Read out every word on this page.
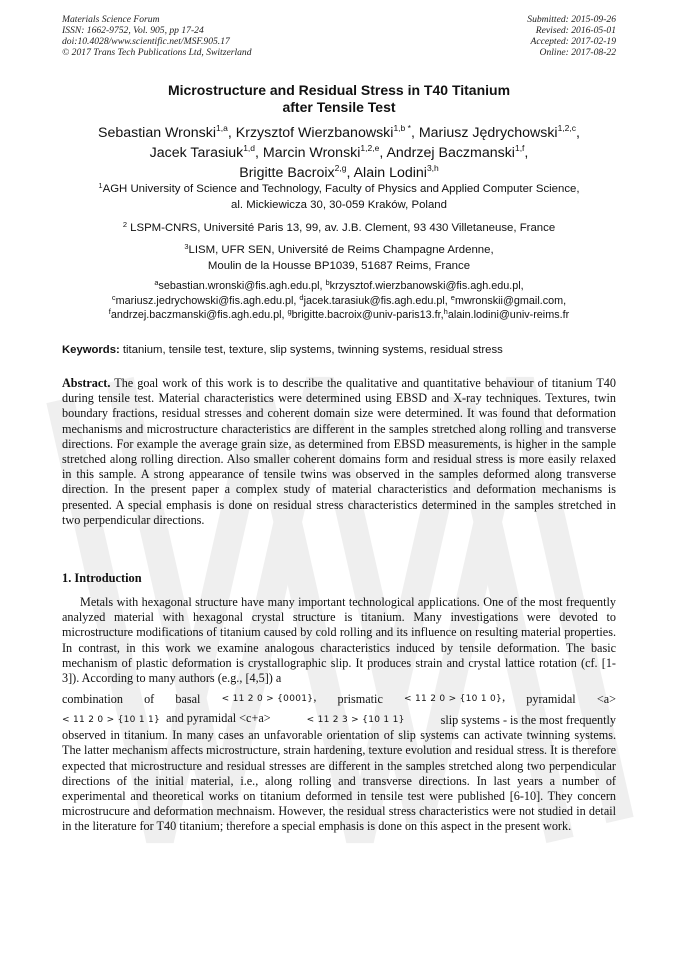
Materials Science Forum
ISSN: 1662-9752, Vol. 905, pp 17-24
doi:10.4028/www.scientific.net/MSF.905.17
© 2017 Trans Tech Publications Ltd, Switzerland
Submitted: 2015-09-26
Revised: 2016-05-01
Accepted: 2017-02-19
Online: 2017-08-22
Microstructure and Residual Stress in T40 Titanium
after Tensile Test
Sebastian Wronski$^{1,a}$, Krzysztof Wierzbanowski$^{1,b *}$, Mariusz Jędrychowski$^{1,2,c}$,
Jacek Tarasiuk$^{1,d}$, Marcin Wronski$^{1,2,e}$, Andrzej Baczmanski$^{1,f}$,
Brigitte Bacroix$^{2,g}$, Alain Lodini$^{3,h}$
$^1$AGH University of Science and Technology, Faculty of Physics and Applied Computer Science,
al. Mickiewicza 30, 30-059 Kraków, Poland
$^2$ LSPM-CNRS, Université Paris 13, 99, av. J.B. Clement, 93 430 Villetaneuse, France
$^3$LISM, UFR SEN, Université de Reims Champagne Ardenne,
Moulin de la Housse BP1039, 51687 Reims, France
$^a$sebastian.wronski@fis.agh.edu.pl, $^b$krzysztof.wierzbanowski@fis.agh.edu.pl,
$^c$mariusz.jedrychowski@fis.agh.edu.pl, $^d$jacek.tarasiuk@fis.agh.edu.pl, $^e$mwronskii@gmail.com,
$^f$andrzej.baczmanski@fis.agh.edu.pl, $^g$brigitte.bacroix@univ-paris13.fr,$^h$alain.lodini@univ-reims.fr
Keywords: titanium, tensile test, texture, slip systems, twinning systems, residual stress
Abstract. The goal work of this work is to describe the qualitative and quantitative behaviour of titanium T40 during tensile test. Material characteristics were determined using EBSD and X-ray techniques. Textures, twin boundary fractions, residual stresses and coherent domain size were determined. It was found that deformation mechanisms and microstructure characteristics are different in the samples stretched along rolling and transverse directions. For example the average grain size, as determined from EBSD measurements, is higher in the sample stretched along rolling direction. Also smaller coherent domains form and residual stress is more easily relaxed in this sample. A strong appearance of tensile twins was observed in the samples deformed along transverse direction. In the present paper a complex study of material characteristics and deformation mechanisms is presented. A special emphasis is done on residual stress characteristics determined in the samples stretched in two perpendicular directions.
1. Introduction

Metals with hexagonal structure have many important technological applications. One of the most frequently analyzed material with hexagonal crystal structure is titanium. Many investigations were devoted to microstructure modifications of titanium caused by cold rolling and its influence on resulting material properties. In contrast, in this work we examine analogous characteristics induced by tensile deformation. The basic mechanism of plastic deformation is crystallographic slip. It produces strain and crystal lattice rotation (cf. [1-3]). According to many authors (e.g., [4,5]) a

combination of basal < 11 2 0 > {0001}, prismatic < 11 2 0 > {10 1 0}, pyramidal <a>
< 11 2 0 > {10 1 1} and pyramidal <c+a>	< 11 2 3 > {10 1 1}	slip systems - is the most frequently

observed in titanium. In many cases an unfavorable orientation of slip systems can activate twinning systems. The latter mechanism affects microstructure, strain hardening, texture evolution and residual stress. It is therefore expected that microstructure and residual stresses are different in the samples stretched along two perpendicular directions of the initial material, i.e., along rolling and transverse directions. In last years a number of experimental and theoretical works on titanium deformed in tensile test were published [6-10]. They concern microstrucure and deformation mechnaism. However, the residual stress characteristics were not studied in detail in the literature for T40 titanium; therefore a special emphasis is done on this aspect in the present work.
